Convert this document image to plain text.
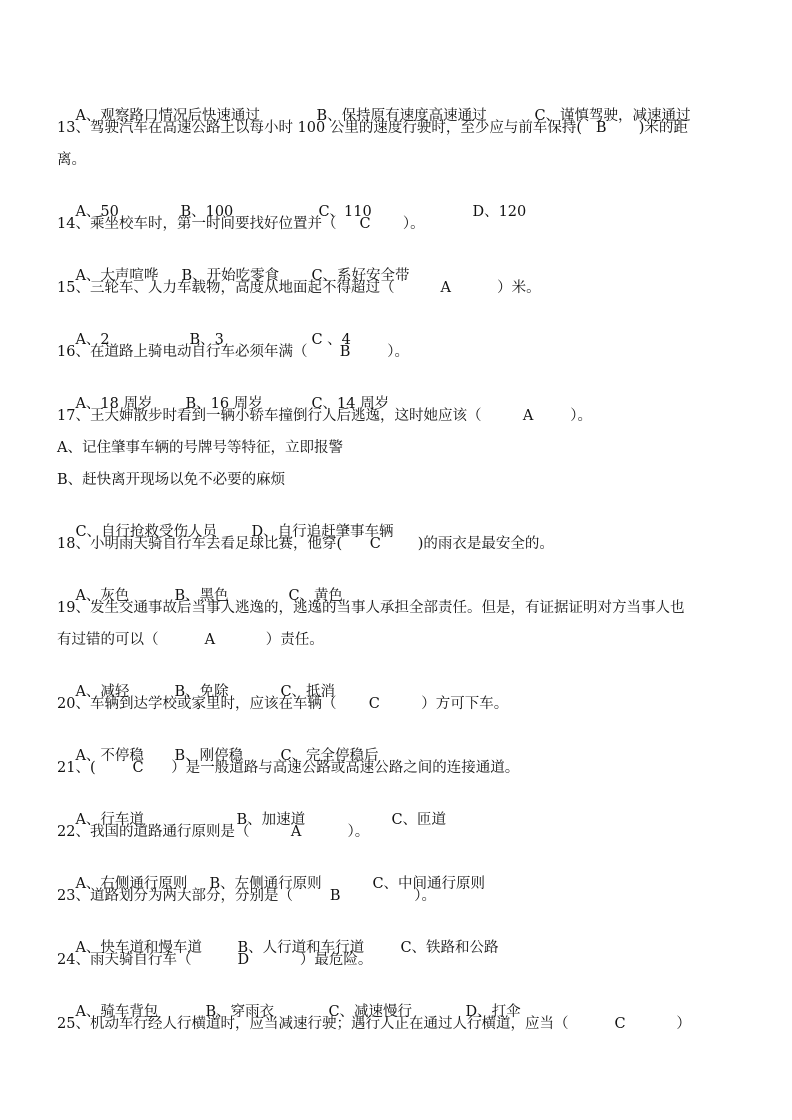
A、观察路口情况后快速通过	B、保持原有速度高速通过	C、谨慎驾驶，减速通过

13、驾驶汽车在高速公路上以每小时 100 公里的速度行驶时，至少应与前车保持(   B       )米的距
离。

A、50	B、100	C、110	D、120

14、乘坐校车时，第一时间要找好位置并（     C       ）。

A、大声喧哗 B、开始吃零食 C、系好安全带

15、三轮车、人力车载物，高度从地面起不得超过（          A          ）米。

A、2	B、3	C 、4

16、在道路上骑电动自行车必须年满（       B        ）。

A、18 周岁 B、16 周岁	C、14 周岁

17、王大婶散步时看到一辆小轿车撞倒行人后逃逸，这时她应该（         A        ）。
A、记住肇事车辆的号牌号等特征，立即报警
B、赶快离开现场以免不必要的麻烦

C、自行抢救受伤人员 D、自行追赶肇事车辆

18、小明雨天骑自行车去看足球比赛，他穿(      C        )的雨衣是最安全的。

A、灰色	B、黑色	C、黄色

19、发生交通事故后当事人逃逸的，逃逸的当事人承担全部责任。但是，有证据证明对方当事人也
有过错的可以（          A           ）责任。

A、减轻	B、免除	C、抵消

20、车辆到达学校或家里时，应该在车辆（       C         ）方可下车。

A、不停稳 B、刚停稳	C、完全停稳后

21、(        C      ）是一般道路与高速公路或高速公路之间的连接通道。

A、行车道	B、加速道	C、匝道

22、我国的道路通行原则是（         A          ）。

A、右侧通行原则 B、左侧通行原则	C、中间通行原则

23、道路划分为两大部分，分别是（        B                ）。

A、快车道和慢车道 B、人行道和车行道	C、铁路和公路

24、雨天骑自行车（          D           ）最危险。

A、骑车背包	B、穿雨衣	C、减速慢行	D、打伞

25、机动车行经人行横道时，应当减速行驶；遇行人正在通过人行横道，应当（          C           ）
